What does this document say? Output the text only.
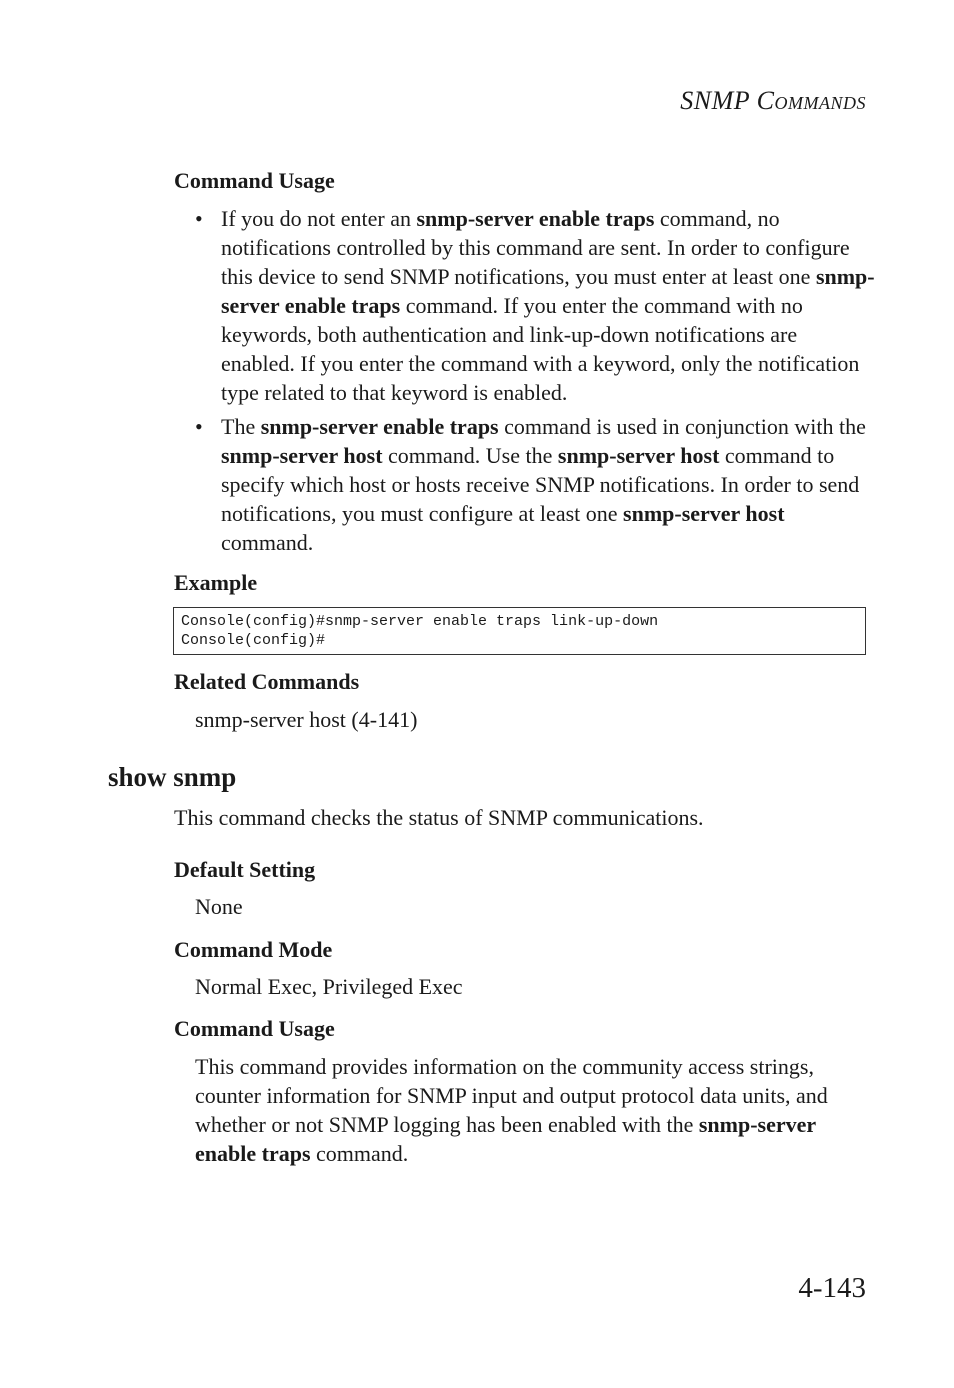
SNMP COMMANDS
Command Usage
• If you do not enter an snmp-server enable traps command, no notifications controlled by this command are sent. In order to configure this device to send SNMP notifications, you must enter at least one snmp-server enable traps command. If you enter the command with no keywords, both authentication and link-up-down notifications are enabled. If you enter the command with a keyword, only the notification type related to that keyword is enabled.
• The snmp-server enable traps command is used in conjunction with the snmp-server host command. Use the snmp-server host command to specify which host or hosts receive SNMP notifications. In order to send notifications, you must configure at least one snmp-server host command.
Example
Console(config)#snmp-server enable traps link-up-down
Console(config)#
Related Commands
snmp-server host (4-141)
show snmp
This command checks the status of SNMP communications.
Default Setting
None
Command Mode
Normal Exec, Privileged Exec
Command Usage
This command provides information on the community access strings, counter information for SNMP input and output protocol data units, and whether or not SNMP logging has been enabled with the snmp-server enable traps command.
4-143
